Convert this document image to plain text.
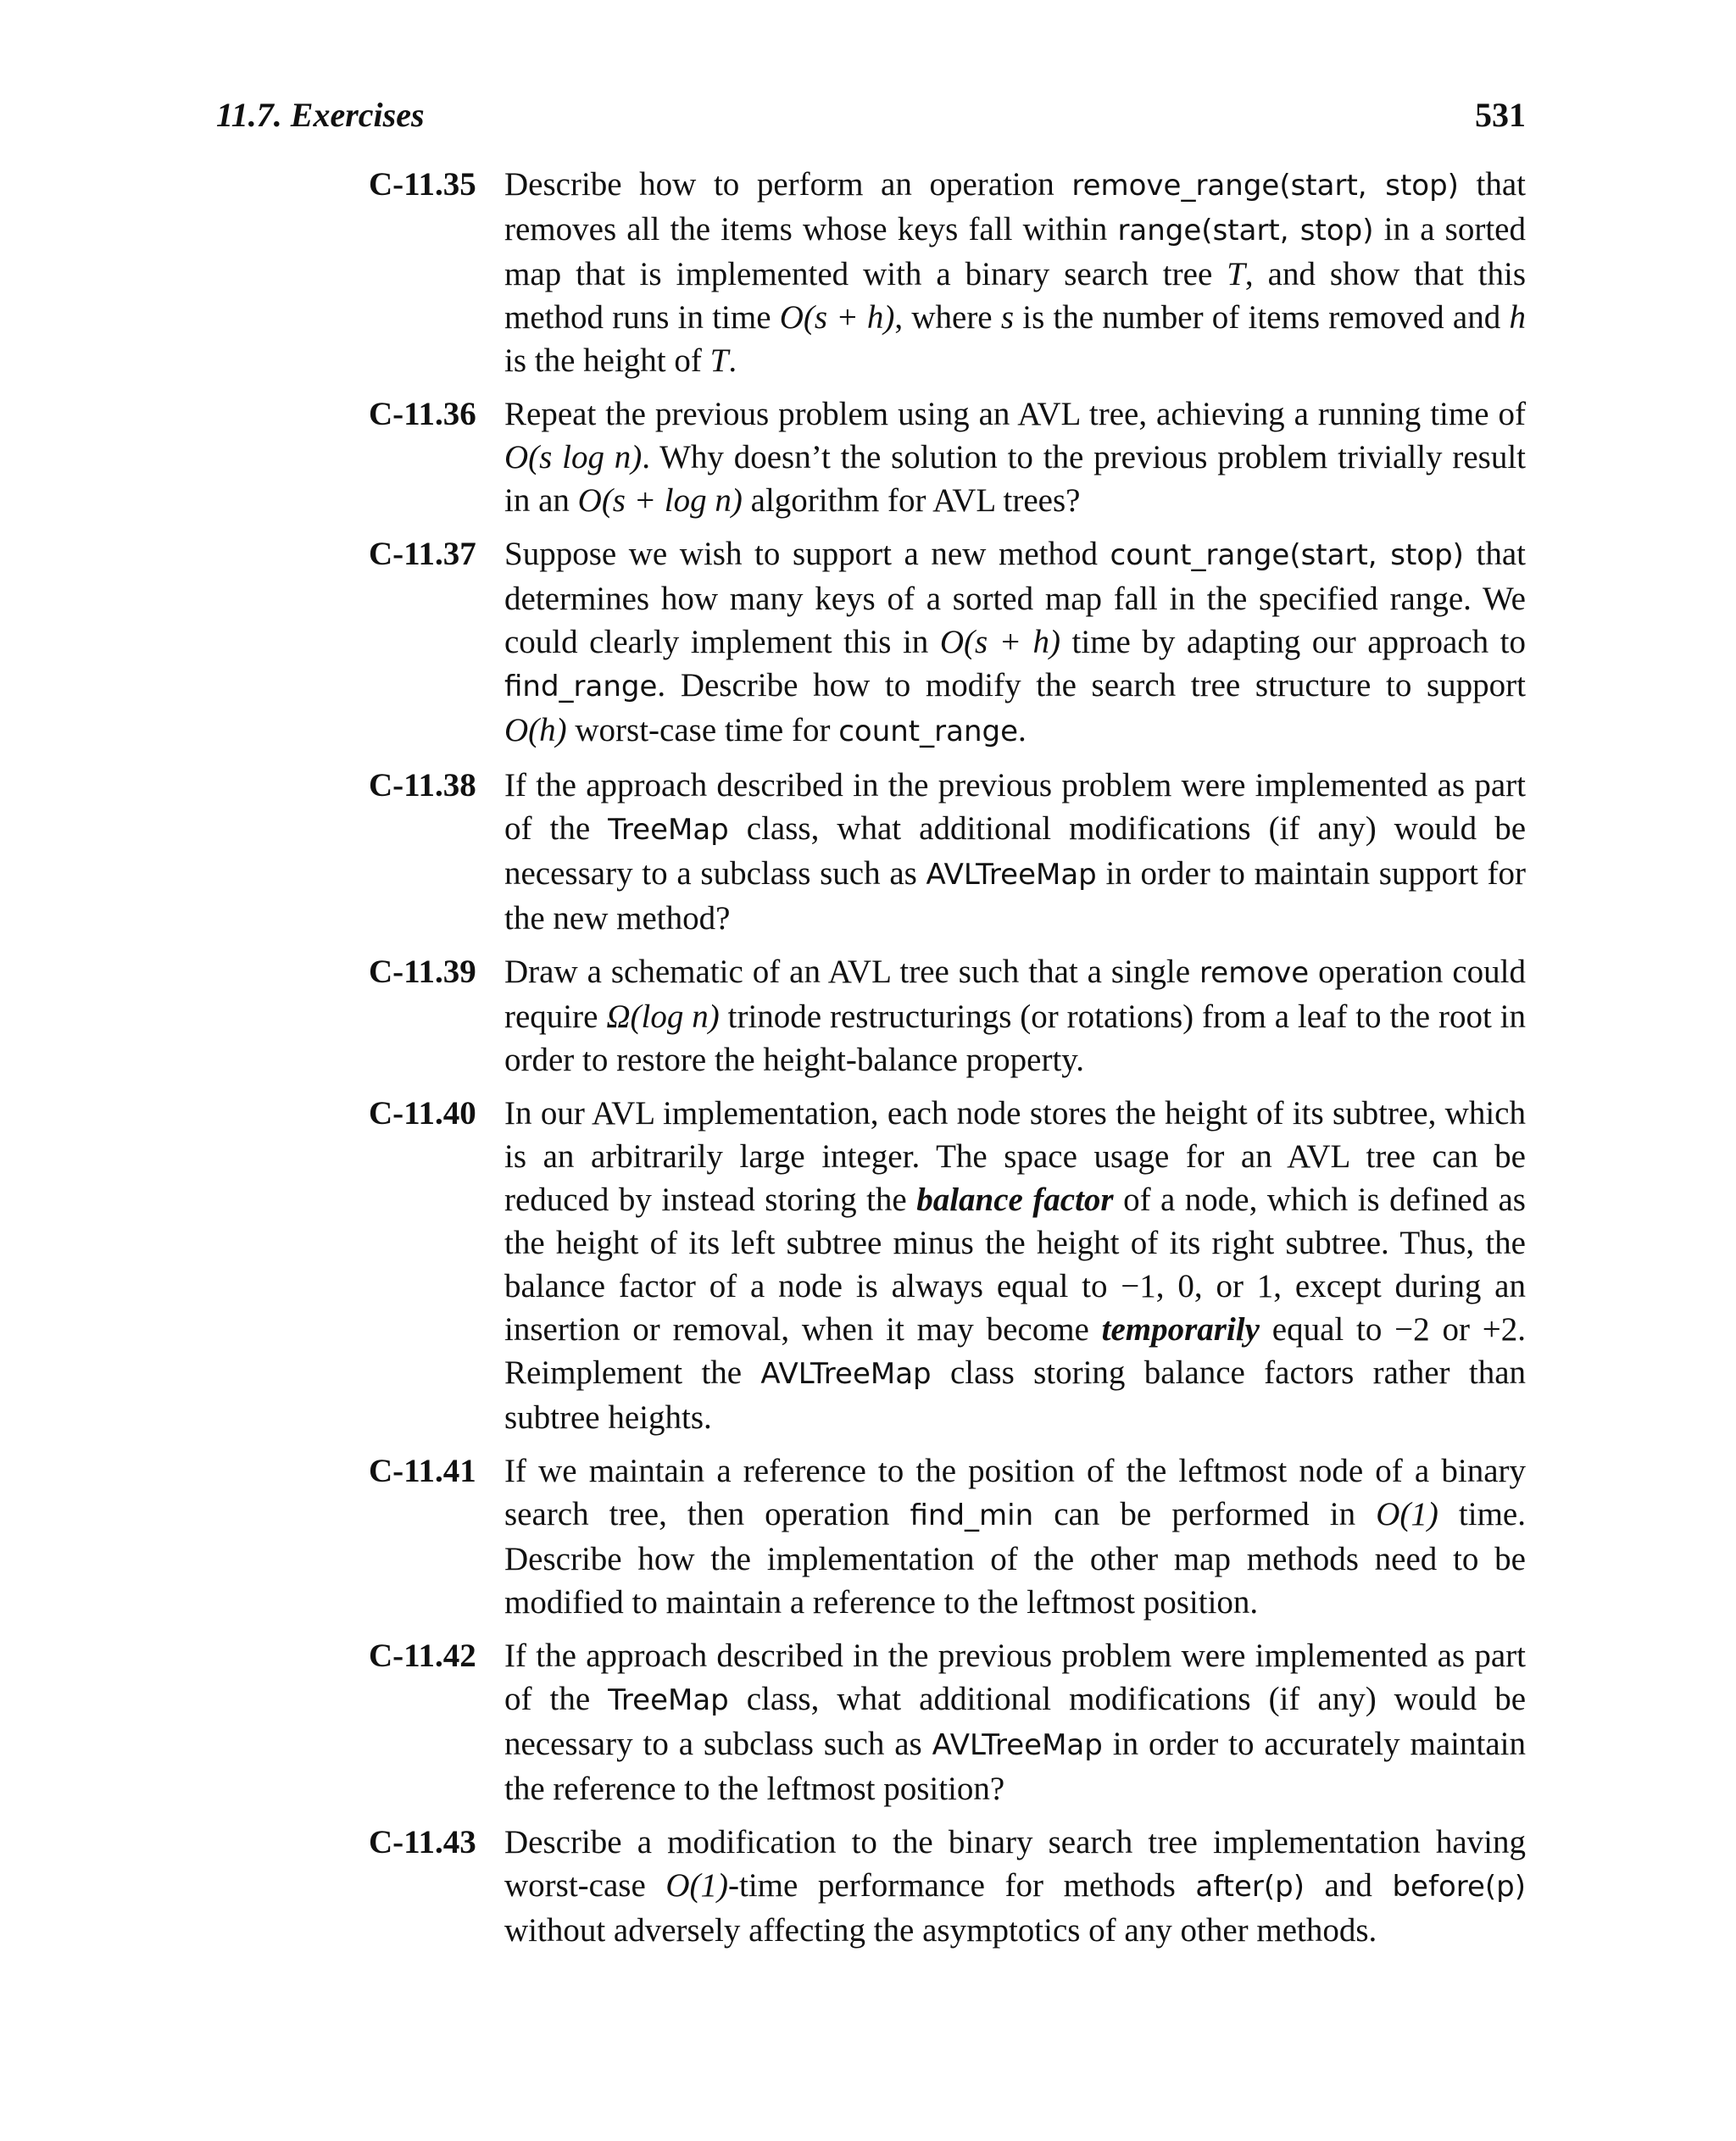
11.7. Exercises	531
C-11.35 Describe how to perform an operation remove_range(start, stop) that removes all the items whose keys fall within range(start, stop) in a sorted map that is implemented with a binary search tree T, and show that this method runs in time O(s + h), where s is the number of items removed and h is the height of T.

C-11.36 Repeat the previous problem using an AVL tree, achieving a running time of O(s log n). Why doesn’t the solution to the previous problem trivially result in an O(s + log n) algorithm for AVL trees?

C-11.37 Suppose we wish to support a new method count_range(start, stop) that determines how many keys of a sorted map fall in the specified range. We could clearly implement this in O(s + h) time by adapting our approach to find_range. Describe how to modify the search tree structure to support O(h) worst-case time for count_range.

C-11.38 If the approach described in the previous problem were implemented as part of the TreeMap class, what additional modifications (if any) would be necessary to a subclass such as AVLTreeMap in order to maintain support for the new method?

C-11.39 Draw a schematic of an AVL tree such that a single remove operation could require Ω(log n) trinode restructurings (or rotations) from a leaf to the root in order to restore the height-balance property.

C-11.40 In our AVL implementation, each node stores the height of its subtree, which is an arbitrarily large integer. The space usage for an AVL tree can be reduced by instead storing the balance factor of a node, which is defined as the height of its left subtree minus the height of its right subtree. Thus, the balance factor of a node is always equal to −1, 0, or 1, except during an insertion or removal, when it may become temporarily equal to −2 or +2. Reimplement the AVLTreeMap class storing balance factors rather than subtree heights.

C-11.41 If we maintain a reference to the position of the leftmost node of a binary search tree, then operation find_min can be performed in O(1) time. Describe how the implementation of the other map methods need to be modified to maintain a reference to the leftmost position.

C-11.42 If the approach described in the previous problem were implemented as part of the TreeMap class, what additional modifications (if any) would be necessary to a subclass such as AVLTreeMap in order to accurately maintain the reference to the leftmost position?

C-11.43 Describe a modification to the binary search tree implementation having worst-case O(1)-time performance for methods after(p) and before(p) without adversely affecting the asymptotics of any other methods.
